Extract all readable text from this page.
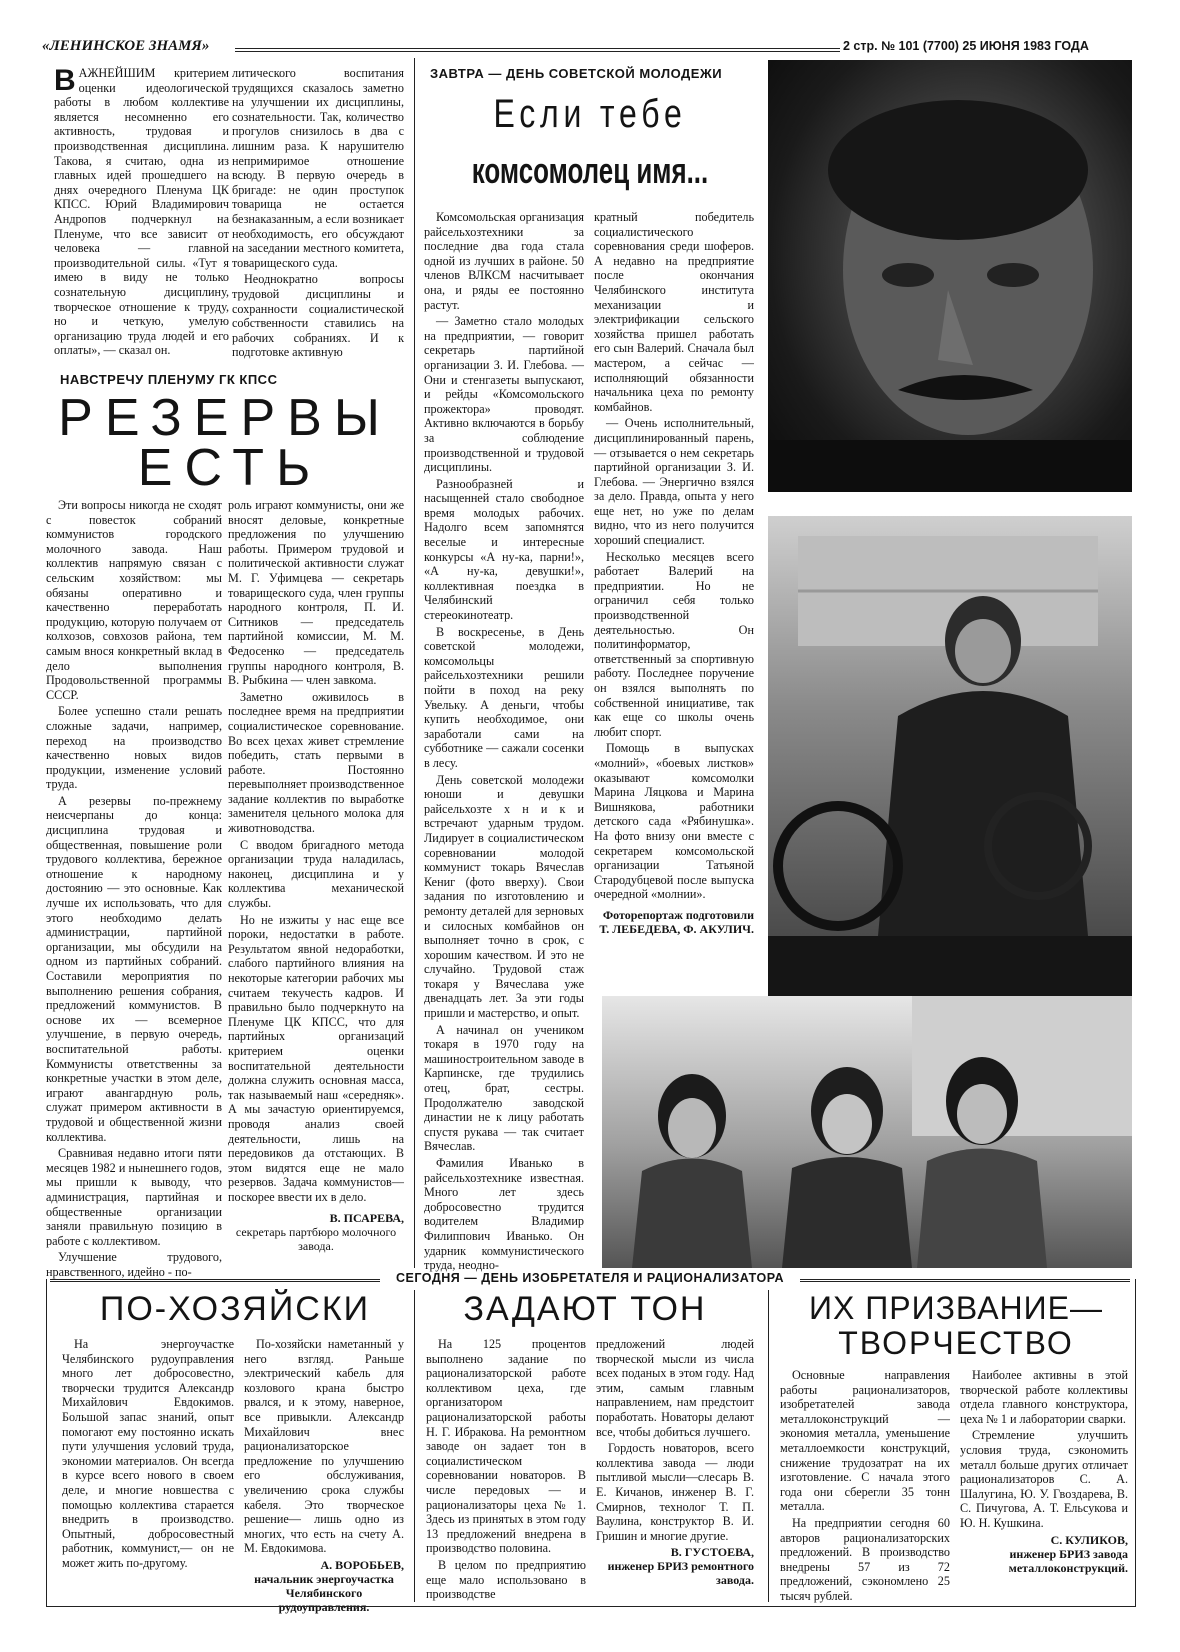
«ЛЕНИНСКОЕ ЗНАМЯ»	2 стр. № 101 (7700) 25 ИЮНЯ 1983 ГОДА
ВАЖНЕЙШИМ критерием оценки идеологической работы в любом коллективе является несомненно его активность, трудовая и производственная дисциплина. Такова, я считаю, одна из главных идей прошедшего на днях очередного Пленума ЦК КПСС. Юрий Владимирович Андропов подчеркнул на Пленуме, что все зависит от человека — главной производительной силы. «Тут я имею в виду не только сознательную дисциплину, творческое отношение к труду, но и четкую, умелую организацию труда людей и его оплаты», — сказал он.

литического воспитания трудящихся сказалось заметно на улучшении их дисциплины, сознательности. Так, количество прогулов снизилось в два с лишним раза. К нарушителю непримиримое отношение всюду. В первую очередь в бригаде: не один проступок товарища не остается безнаказанным, а если возникает необходимость, его обсуждают на заседании местного комитета, товарищеского суда.

Неоднократно вопросы трудовой дисциплины и сохранности социалистической собственности ставились на рабочих собраниях. И к подготовке активную

НАВСТРЕЧУ ПЛЕНУМУ ГК КПСС
РЕЗЕРВЫ
ЕСТЬ

Эти вопросы никогда не сходят с повесток собраний коммунистов городского молочного завода. Наш коллектив напрямую связан с сельским хозяйством: мы обязаны оперативно и качественно переработать продукцию, которую получаем от колхозов, совхозов района, тем самым внося конкретный вклад в дело выполнения Продовольственной программы СССР.

Более успешно стали решать сложные задачи, например, переход на производство качественно новых видов продукции, изменение условий труда.

А резервы по-прежнему неисчерпаны до конца: дисциплина трудовая и общественная, повышение роли трудового коллектива, бережное отношение к народному достоянию — это основные. Как лучше их использовать, что для этого необходимо делать администрации, партийной организации, мы обсудили на одном из партийных собраний. Составили мероприятия по выполнению решения собрания, предложений коммунистов. В основе их — всемерное улучшение, в первую очередь, воспитательной работы. Коммунисты ответственны за конкретные участки в этом деле, играют авангардную роль, служат примером активности в трудовой и общественной жизни коллектива.

Сравнивая недавно итоги пяти месяцев 1982 и нынешнего годов, мы пришли к выводу, что администрация, партийная и общественные организации заняли правильную позицию в работе с коллективом.

Улучшение трудового, нравственного, идейно - по-

роль играют коммунисты, они же вносят деловые, конкретные предложения по улучшению работы. Примером трудовой и политической активности служат М. Г. Уфимцева — секретарь товарищеского суда, член группы народного контроля, П. И. Ситников — председатель партийной комиссии, М. М. Федосенко — председатель группы народного контроля, В. В. Рыбкина — член завкома.

Заметно оживилось в последнее время на предприятии социалистическое соревнование. Во всех цехах живет стремление победить, стать первыми в работе. Постоянно перевыполняет производственное задание коллектив по выработке заменителя цельного молока для животноводства.

С вводом бригадного метода организации труда наладилась, наконец, дисциплина и у коллектива механической службы.

Но не изжиты у нас еще все пороки, недостатки в работе. Результатом явной недоработки, слабого партийного влияния на некоторые категории рабочих мы считаем текучесть кадров. И правильно было подчеркнуто на Пленуме ЦК КПСС, что для партийных организаций критерием оценки воспитательной деятельности должна служить основная масса, так называемый наш «середняк». А мы зачастую ориентируемся, проводя анализ своей деятельности, лишь на передовиков да отстающих. В этом видятся еще не мало резервов. Задача коммунистов—поскорее ввести их в дело.

В. ПСАРЕВА,
секретарь партбюро молочного завода.
ЗАВТРА — ДЕНЬ СОВЕТСКОЙ МОЛОДЕЖИ
Если тебе
комсомолец имя...

Комсомольская организация райсельхозтехники за последние два года стала одной из лучших в районе. 50 членов ВЛКСМ насчитывает она, и ряды ее постоянно растут.

— Заметно стало молодых на предприятии, — говорит секретарь партийной организации З. И. Глебова. — Они и стенгазеты выпускают, и рейды «Комсомольского прожектора» проводят. Активно включаются в борьбу за соблюдение производственной и трудовой дисциплины.

Разнообразней и насыщенней стало свободное время молодых рабочих. Надолго всем запомнятся веселые и интересные конкурсы «А ну-ка, парни!», «А ну-ка, девушки!», коллективная поездка в Челябинский стереокинотеатр.

В воскресенье, в День советской молодежи, комсомольцы райсельхозтехники решили пойти в поход на реку Увельку. А деньги, чтобы купить необходимое, они заработали сами на субботнике — сажали сосенки в лесу.

День советской молодежи юноши и девушки райсельхозте х н и к и встречают ударным трудом. Лидирует в социалистическом соревновании молодой коммунист токарь Вячеслав Кениг (фото вверху). Свои задания по изготовлению и ремонту деталей для зерновых и силосных комбайнов он выполняет точно в срок, с хорошим качеством. И это не случайно. Трудовой стаж токаря у Вячеслава уже двенадцать лет. За эти годы пришли и мастерство, и опыт.

А начинал он учеником токаря в 1970 году на машиностроительном заводе в Карпинске, где трудились отец, брат, сестры. Продолжателю заводской династии не к лицу работать спустя рукава — так считает Вячеслав.

Фамилия Иванько в райсельхозтехнике известная. Много лет здесь добросовестно трудится водителем Владимир Филиппович Иванько. Он ударник коммунистического труда, неодно-

кратный победитель социалистического соревнования среди шоферов. А недавно на предприятие после окончания Челябинского института механизации и электрификации сельского хозяйства пришел работать его сын Валерий. Сначала был мастером, а сейчас — исполняющий обязанности начальника цеха по ремонту комбайнов.

— Очень исполнительный, дисциплинированный парень, — отзывается о нем секретарь партийной организации З. И. Глебова. — Энергично взялся за дело. Правда, опыта у него еще нет, но уже по делам видно, что из него получится хороший специалист.

Несколько месяцев всего работает Валерий на предприятии. Но не ограничил себя только производственной деятельностью. Он политинформатор, ответственный за спортивную работу. Последнее поручение он взялся выполнять по собственной инициативе, так как еще со школы очень любит спорт.

Помощь в выпусках «молний», «боевых листков» оказывают комсомолки Марина Ляцкова и Марина Вишнякова, работники детского сада «Рябинушка». На фото внизу они вместе с секретарем комсомольской организации Татьяной Стародубцевой после выпуска очередной «молнии».

Фоторепортаж подготовили Т. ЛЕБЕДЕВА, Ф. АКУЛИЧ.
СЕГОДНЯ — ДЕНЬ ИЗОБРЕТАТЕЛЯ И РАЦИОНАЛИЗАТОРА
ПО-ХОЗЯЙСКИ

На энергоучастке Челябинского рудоуправления много лет добросовестно, творчески трудится Александр Михайлович Евдокимов. Большой запас знаний, опыт помогают ему постоянно искать пути улучшения условий труда, экономии материалов. Он всегда в курсе всего нового в своем деле, и многие новшества с помощью коллектива старается внедрить в производство. Опытный, добросовестный работник, коммунист,— он не может жить по-другому.

По-хозяйски наметанный у него взгляд. Раньше электрический кабель для козлового крана быстро рвался, и к этому, наверное, все привыкли. Александр Михайлович внес рационализаторское предложение по улучшению его обслуживания, увеличению срока службы кабеля. Это творческое решение— лишь одно из многих, что есть на счету А. М. Евдокимова.

А. ВОРОБЬЕВ,
начальник энергоучастка Челябинского рудоуправления.
ЗАДАЮТ ТОН

На 125 процентов выполнено задание по рационализаторской работе коллективом цеха, где организатором рационализаторской работы Н. Г. Ибракова. На ремонтном заводе он задает тон в социалистическом соревновании новаторов. В числе передовых — и рационализаторы цеха № 1. Здесь из принятых в этом году 13 предложений внедрена в производство половина.

В целом по предприятию еще мало использовано в производстве

предложений людей творческой мысли из числа всех поданых в этом году. Над этим, самым главным направлением, нам предстоит поработать. Новаторы делают все, чтобы добиться лучшего.

Гордость новаторов, всего коллектива завода — люди пытливой мысли—слесарь В. Е. Кичанов, инженер В. Г. Смирнов, технолог Т. П. Ваулина, конструктор В. И. Гришин и многие другие.

В. ГУСТОЕВА,
инженер БРИЗ ремонтного завода.
ИХ ПРИЗВАНИЕ—
ТВОРЧЕСТВО

Основные направления работы рационализаторов, изобретателей завода металлоконструкций — экономия металла, уменьшение металлоемкости конструкций, снижение трудозатрат на их изготовление. С начала этого года они сберегли 35 тонн металла.

На предприятии сегодня 60 авторов рационализаторских предложений. В производство внедрены 57 из 72 предложений, сэкономлено 25 тысяч рублей.

Наиболее активны в этой творческой работе коллективы отдела главного конструктора, цеха № 1 и лаборатории сварки.

Стремление улучшить условия труда, сэкономить металл больше других отличает рационализаторов С. А. Шалугина, Ю. У. Гвоздарева, В. С. Пичугова, А. Т. Ельсукова и Ю. Н. Кушкина.

С. КУЛИКОВ,
инженер БРИЗ завода металлоконструкций.
